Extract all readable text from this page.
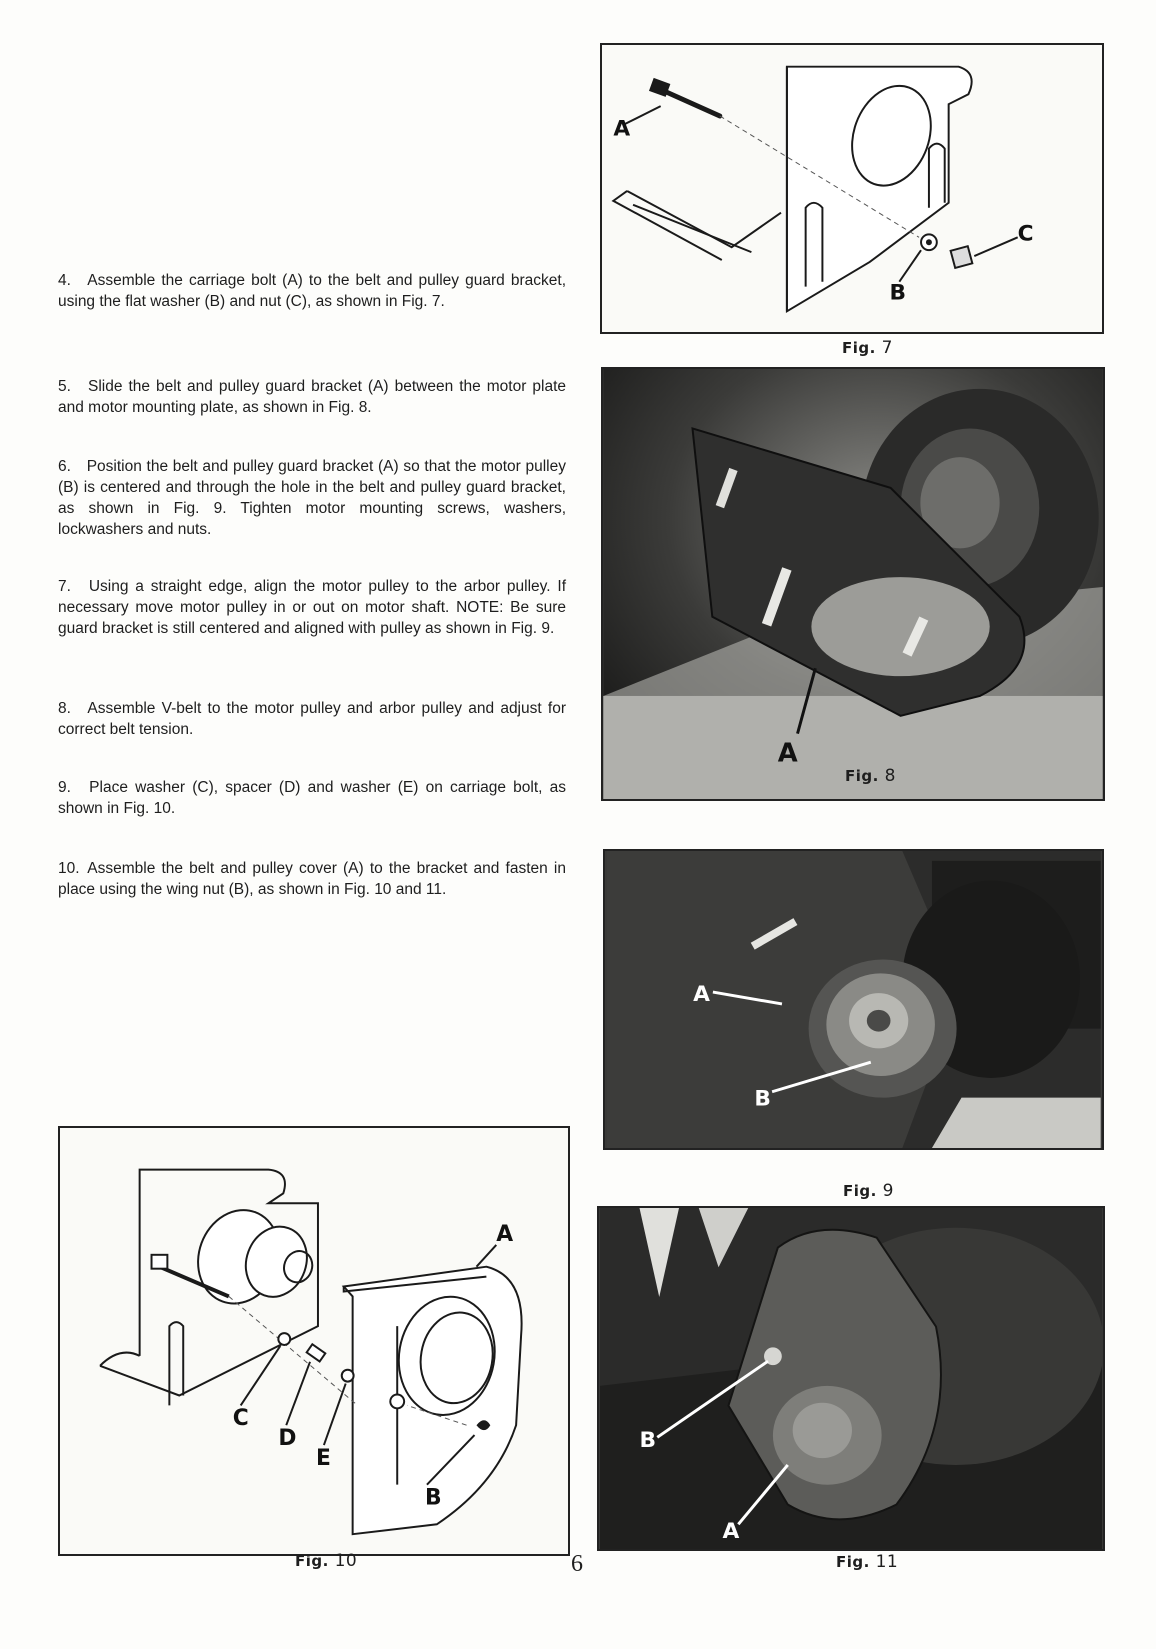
4. Assemble the carriage bolt (A) to the belt and pulley guard bracket, using the flat washer (B) and nut (C), as shown in Fig. 7.

5. Slide the belt and pulley guard bracket (A) between the motor plate and motor mounting plate, as shown in Fig. 8.

6. Position the belt and pulley guard bracket (A) so that the motor pulley (B) is centered and through the hole in the belt and pulley guard bracket, as shown in Fig. 9. Tighten motor mounting screws, washers, lockwashers and nuts.

7. Using a straight edge, align the motor pulley to the arbor pulley. If necessary move motor pulley in or out on motor shaft. NOTE: Be sure guard bracket is still centered and aligned with pulley as shown in Fig. 9.

8. Assemble V-belt to the motor pulley and arbor pulley and adjust for correct belt tension.

9. Place washer (C), spacer (D) and washer (E) on carriage bolt, as shown in Fig. 10.

10. Assemble the belt and pulley cover (A) to the bracket and fasten in place using the wing nut (B), as shown in Fig. 10 and 11.

A
B
C
Fig. 7
A
Fig. 8
A
B
Fig. 9
A
B
C
D
E
Fig. 10
B
A
Fig. 11
6
